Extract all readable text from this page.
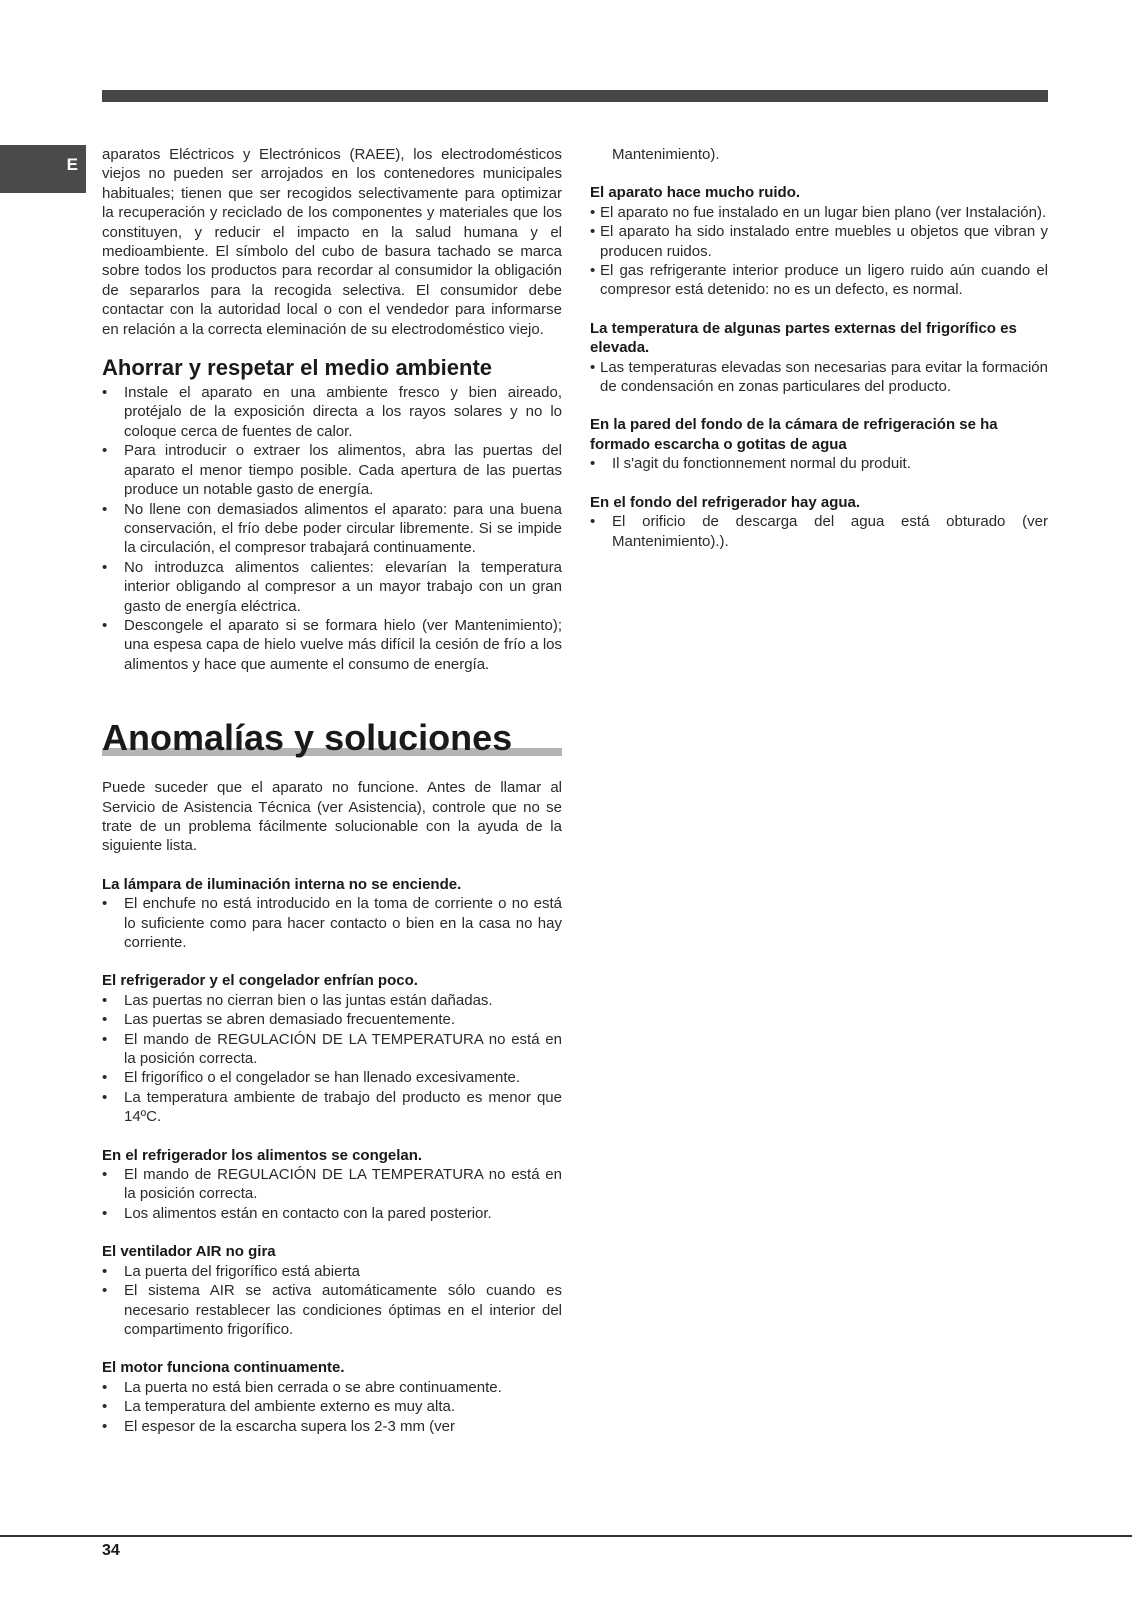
E

aparatos Eléctricos y Electrónicos (RAEE), los electrodomésticos viejos no pueden ser arrojados en los contenedores municipales habituales; tienen que ser recogidos selectivamente para optimizar la recuperación y reciclado de los componentes y materiales que los constituyen, y reducir el impacto en la salud humana y el medioambiente. El símbolo del cubo de basura tachado se marca sobre todos los productos para recordar al consumidor la obligación de separarlos para la recogida selectiva. El consumidor debe contactar con la autoridad local o con el vendedor para informarse en relación a la correcta eleminación de su electrodoméstico viejo.

Ahorrar y respetar el medio ambiente
• Instale el aparato en una ambiente fresco y bien aireado, protéjalo de la exposición directa a los rayos solares y no lo coloque cerca de fuentes de calor.
• Para introducir o extraer los alimentos, abra las puertas del aparato el menor tiempo posible. Cada apertura de las puertas produce un notable gasto de energía.
• No llene con demasiados alimentos el aparato: para una buena conservación, el frío debe poder circular libremente. Si se impide la circulación, el compresor trabajará continuamente.
• No introduzca alimentos calientes: elevarían la temperatura interior obligando al compresor a un mayor trabajo con un gran gasto de energía eléctrica.
• Descongele el aparato si se formara hielo (ver Mantenimiento); una espesa capa de hielo vuelve más difícil la cesión de frío a los alimentos y hace que aumente el consumo de energía.
Anomalías y soluciones

Puede suceder que el aparato no funcione. Antes de llamar al Servicio de Asistencia Técnica (ver Asistencia), controle que no se trate de un problema fácilmente solucionable con la ayuda de la siguiente lista.

La lámpara de iluminación interna no se enciende.
• El enchufe no está introducido en la toma de corriente o no está lo suficiente como para hacer contacto o bien en la casa no hay corriente.
El refrigerador y el congelador enfrían poco.
• Las puertas no cierran bien o las juntas están dañadas.
• Las puertas se abren demasiado frecuentemente.
• El mando de REGULACIÓN DE LA TEMPERATURA no está en la posición correcta.
• El frigorífico o el congelador se han llenado excesivamente.
• La temperatura ambiente de trabajo del producto es menor que 14ºC.
En el refrigerador los alimentos se congelan.
• El mando de REGULACIÓN DE LA TEMPERATURA no está en la posición correcta.
• Los alimentos están en contacto con la pared posterior.
El ventilador AIR no gira
• La puerta del frigorífico está abierta
• El sistema AIR se activa automáticamente sólo cuando es necesario restablecer las condiciones óptimas en el interior del compartimento frigorífico.
El motor funciona continuamente.
• La puerta no está bien cerrada o se abre continuamente.
• La temperatura del ambiente externo es muy alta.
• El espesor de la escarcha supera los 2-3 mm (ver

Mantenimiento).

El aparato hace mucho ruido.
• El aparato no fue instalado en un lugar bien plano (ver Instalación).
• El aparato ha sido instalado entre muebles u objetos que vibran y producen ruidos.
• El gas refrigerante interior produce un ligero ruido aún cuando el compresor está detenido: no es un defecto, es normal.
La temperatura de algunas partes externas del frigorífico es elevada.
• Las temperaturas elevadas son necesarias para evitar la formación de condensación en zonas particulares del producto.
En la pared del fondo de la cámara de refrigeración se ha formado escarcha o gotitas de agua
• Il s'agit du fonctionnement normal du produit.
En el fondo del refrigerador hay agua.
• El orificio de descarga del agua está obturado (ver Mantenimiento).).
34
